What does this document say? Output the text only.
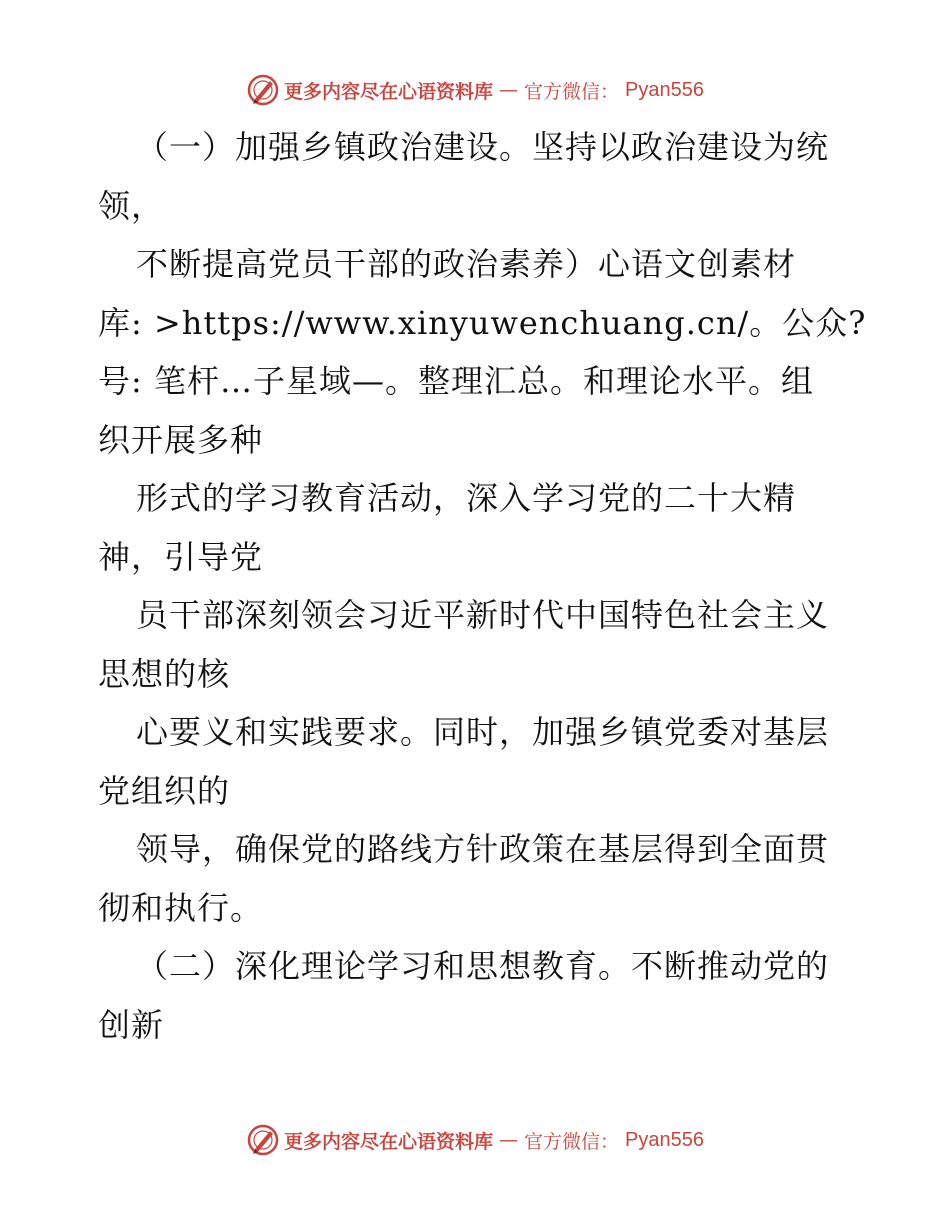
更多内容尽在心语资料库 — 官方微信： Pyan556
（一）加强乡镇政治建设。坚持以政治建设为统
领，
不断提高党员干部的政治素养）心语文创素材
库: >https://www.xinyuwenchuang.cn/。公众?
号: 笔杆…子星域—。整理汇总。和理论水平。组
织开展多种
形式的学习教育活动，深入学习党的二十大精
神，引导党
员干部深刻领会习近平新时代中国特色社会主义
思想的核
心要义和实践要求。同时，加强乡镇党委对基层
党组织的
领导，确保党的路线方针政策在基层得到全面贯
彻和执行。
（二）深化理论学习和思想教育。不断推动党的
创新
更多内容尽在心语资料库 — 官方微信： Pyan556
